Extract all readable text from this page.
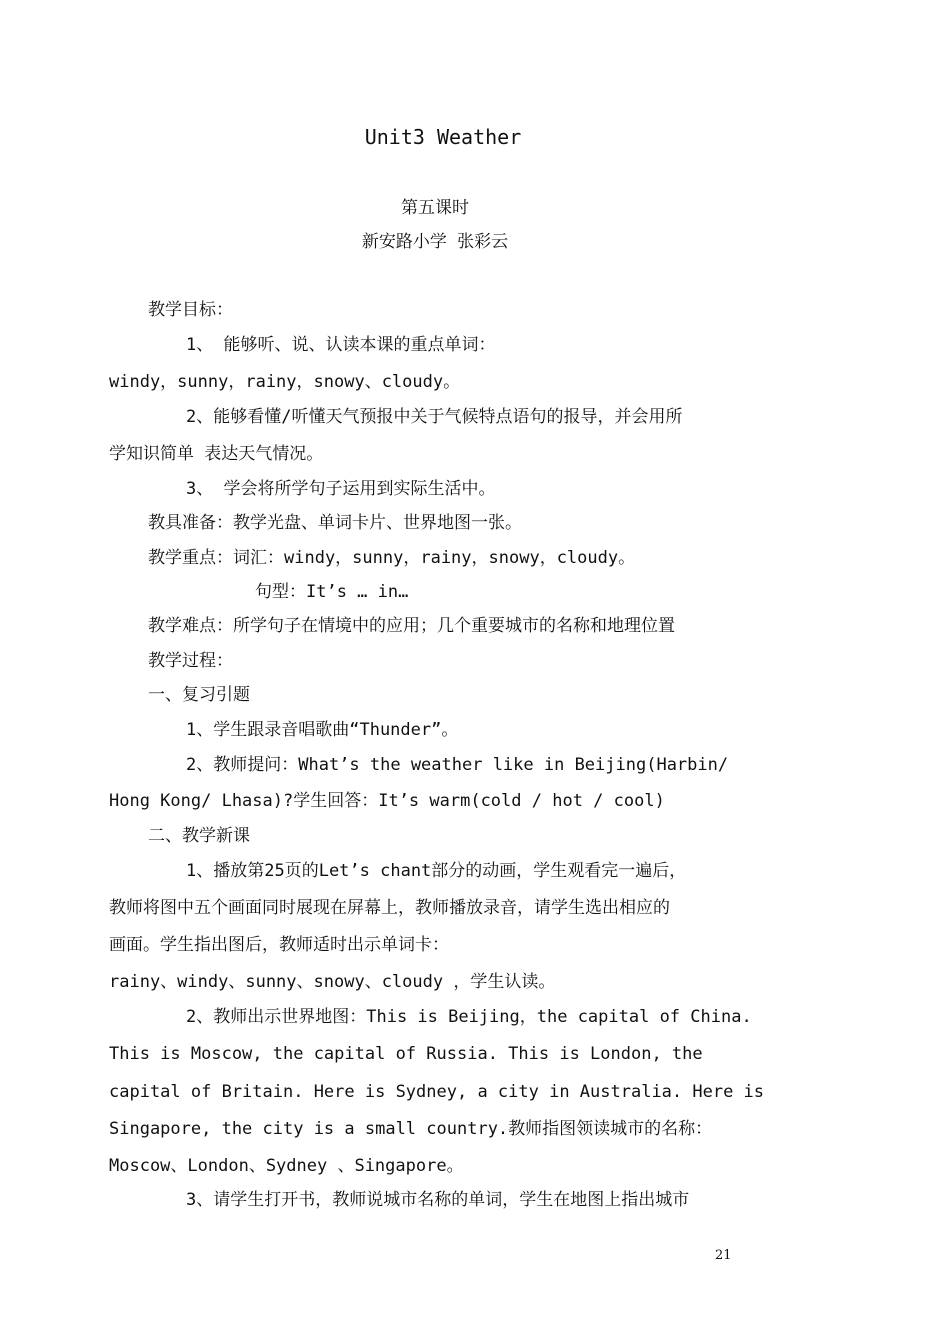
Unit3 Weather
第五课时
新安路小学 张彩云
教学目标：
1、 能够听、说、认读本课的重点单词：
windy，sunny，rainy，snowy、cloudy。
2、能够看懂/听懂天气预报中关于气候特点语句的报导，并会用所
学知识简单 表达天气情况。
3、 学会将所学句子运用到实际生活中。
教具准备：教学光盘、单词卡片、世界地图一张。
教学重点：词汇：windy，sunny，rainy，snowy，cloudy。
句型：It’s … in…
教学难点：所学句子在情境中的应用；几个重要城市的名称和地理位置
教学过程：
一、复习引题
1、学生跟录音唱歌曲“Thunder”。
2、教师提问：What’s the weather like in Beijing(Harbin/
Hong Kong/ Lhasa)?学生回答：It’s warm(cold / hot / cool)
二、教学新课
1、播放第25页的Let’s chant部分的动画，学生观看完一遍后，
教师将图中五个画面同时展现在屏幕上，教师播放录音，请学生选出相应的
画面。学生指出图后，教师适时出示单词卡：
rainy、windy、sunny、snowy、cloudy ，学生认读。
2、教师出示世界地图：This is Beijing，the capital of China.
This is Moscow, the capital of Russia. This is London, the
capital of Britain. Here is Sydney, a city in Australia. Here is
Singapore, the city is a small country.教师指图领读城市的名称：
Moscow、London、Sydney 、Singapore。
3、请学生打开书，教师说城市名称的单词，学生在地图上指出城市
21
